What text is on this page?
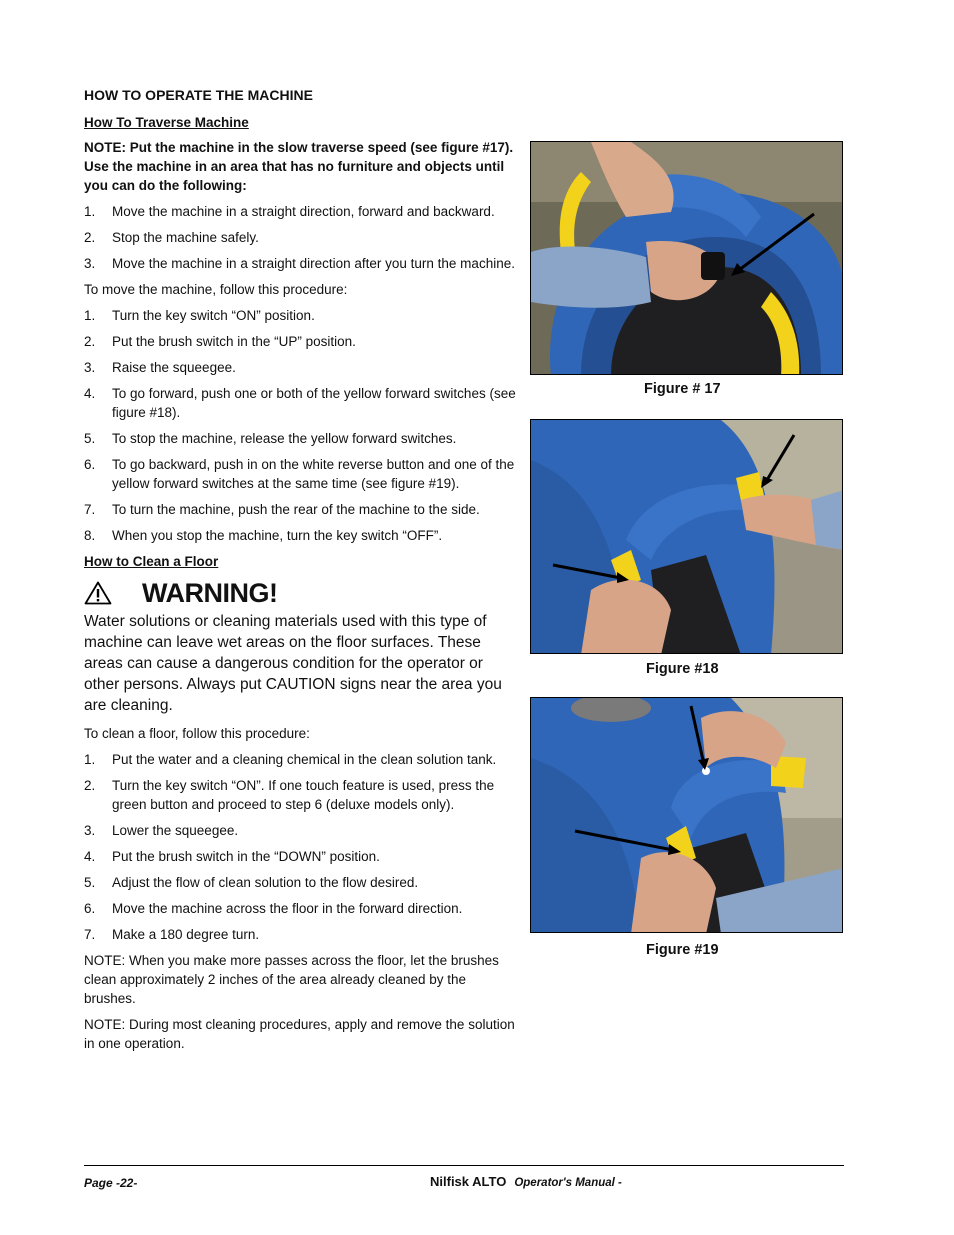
HOW TO OPERATE THE MACHINE
How To Traverse Machine
NOTE: Put the machine in the slow traverse speed (see figure #17). Use the machine in an area that has no furniture and objects until you can do the following:
1.	Move the machine in a straight direction, forward and backward.
2.	Stop the machine safely.
3.	Move the machine in a straight direction after you turn the machine.
To move the machine, follow this procedure:
1.	Turn the key switch “ON” position.
2.	Put the brush switch in the “UP” position.
3.	Raise the squeegee.
4.	To go forward, push one or both of the yellow forward switches (see figure #18).
5.	To stop the machine, release the yellow forward switches.
6.	To go backward, push in on the white reverse button and one of the yellow forward switches at the same time (see figure #19).
7.	To turn the machine, push the rear of the machine to the side.
8.	When you stop the machine, turn the key switch “OFF”.
How to Clean a Floor
WARNING!
Water solutions or cleaning materials used with this type of machine can leave wet areas on the floor surfaces. These areas can cause a dangerous condition for the operator or other persons. Always put CAUTION signs near the area you are cleaning.
To clean a floor, follow this procedure:
1.	Put the water and a cleaning chemical in the clean solution tank.
2.	Turn the key switch “ON”. If one touch feature is used, press the green button and proceed to step 6 (deluxe models only).
3.	Lower the squeegee.
4.	Put the brush switch in the “DOWN” position.
5.	Adjust the flow of clean solution to the flow desired.
6.	Move the machine across the floor in the forward direction.
7.	Make a 180 degree turn.
NOTE: When you make more passes across the floor, let the brushes clean approximately 2 inches of the area already cleaned by the brushes.
NOTE: During most cleaning procedures, apply and remove the solution in one operation.
Figure # 17
Figure #18
Figure #19
Page -22-	Nilfisk ALTO Operator's Manual -
